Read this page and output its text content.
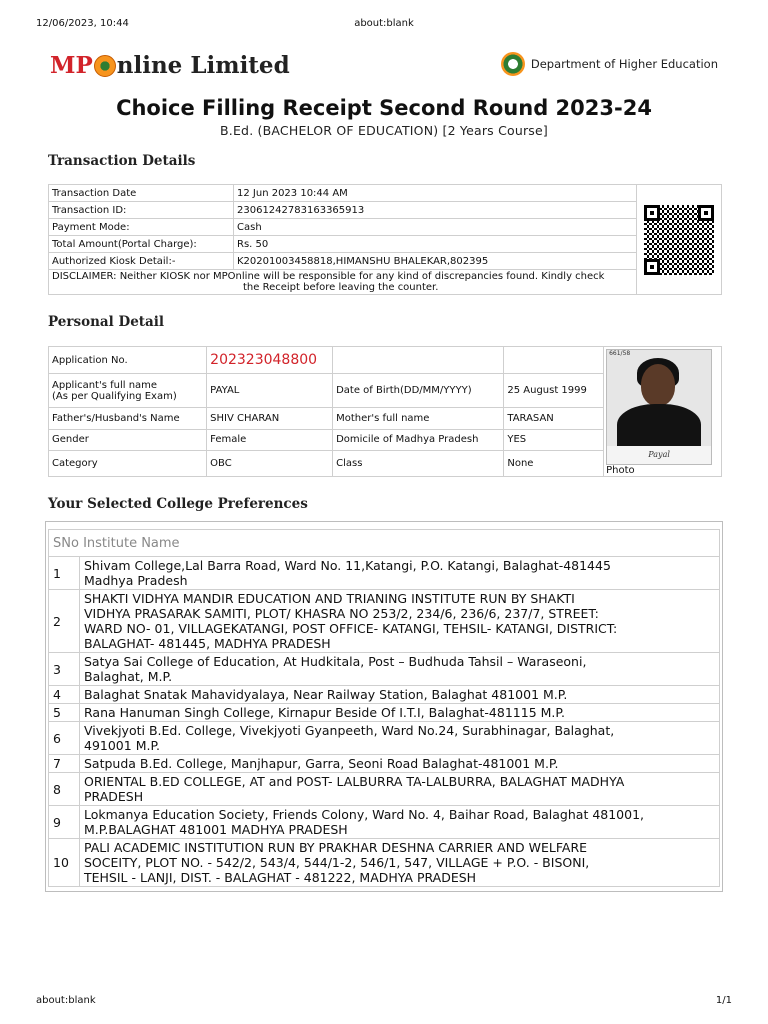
12/06/2023, 10:44	about:blank
MP nline Limited	Department of Higher Education
Choice Filling Receipt Second Round 2023-24
B.Ed. (BACHELOR OF EDUCATION) [2 Years Course]
Transaction Details
Transaction Date	12 Jun 2023 10:44 AM	

Transaction ID:	23061242783163365913	
Payment Mode:	Cash	
Total Amount(Portal Charge):	Rs. 50	
Authorized Kiosk Detail:-	K20201003458818,HIMANSHU BHALEKAR,802395	
DISCLAIMER: Neither KIOSK nor MPOnline will be responsible for any kind of discrepancies found. Kindly check
the Receipt before leaving the counter.		
Personal Detail
Application No.	202323048800			661/58
Payal
Photo

Applicant's full name
(As per Qualifying Exam)	PAYAL	Date of Birth(DD/MM/YYYY)	25 August 1999	
Father's/Husband's Name	SHIV CHARAN	Mother's full name	TARASAN	
Gender	Female	Domicile of Madhya Pradesh	YES	
Category	OBC	Class	None	
Your Selected College Preferences
SNo Institute Name	
1	Shivam College,Lal Barra Road, Ward No. 11,Katangi, P.O. Katangi, Balaghat-481445
Madhya Pradesh

2	SHAKTI VIDHYA MANDIR EDUCATION AND TRIANING INSTITUTE RUN BY SHAKTI
VIDHYA PRASARAK SAMITI, PLOT/ KHASRA NO 253/2, 234/6, 236/6, 237/7, STREET:
WARD NO- 01, VILLAGEKATANGI, POST OFFICE- KATANGI, TEHSIL- KATANGI, DISTRICT:
BALAGHAT- 481445, MADHYA PRADESH

3	Satya Sai College of Education, At Hudkitala, Post – Budhuda Tahsil – Waraseoni,
Balaghat, M.P.

4	Balaghat Snatak Mahavidyalaya, Near Railway Station, Balaghat 481001 M.P.

5	Rana Hanuman Singh College, Kirnapur Beside Of I.T.I, Balaghat-481115 M.P.

6	Vivekjyoti B.Ed. College, Vivekjyoti Gyanpeeth, Ward No.24, Surabhinagar, Balaghat,
491001 M.P.

7	Satpuda B.Ed. College, Manjhapur, Garra, Seoni Road Balaghat-481001 M.P.

8	ORIENTAL B.ED COLLEGE, AT and POST- LALBURRA TA-LALBURRA, BALAGHAT MADHYA
PRADESH

9	Lokmanya Education Society, Friends Colony, Ward No. 4, Baihar Road, Balaghat 481001,
M.P.BALAGHAT 481001 MADHYA PRADESH

10	PALI ACADEMIC INSTITUTION RUN BY PRAKHAR DESHNA CARRIER AND WELFARE
SOCEITY, PLOT NO. - 542/2, 543/4, 544/1-2, 546/1, 547, VILLAGE + P.O. - BISONI,
TEHSIL - LANJI, DIST. - BALAGHAT - 481222, MADHYA PRADESH
about:blank	1/1
